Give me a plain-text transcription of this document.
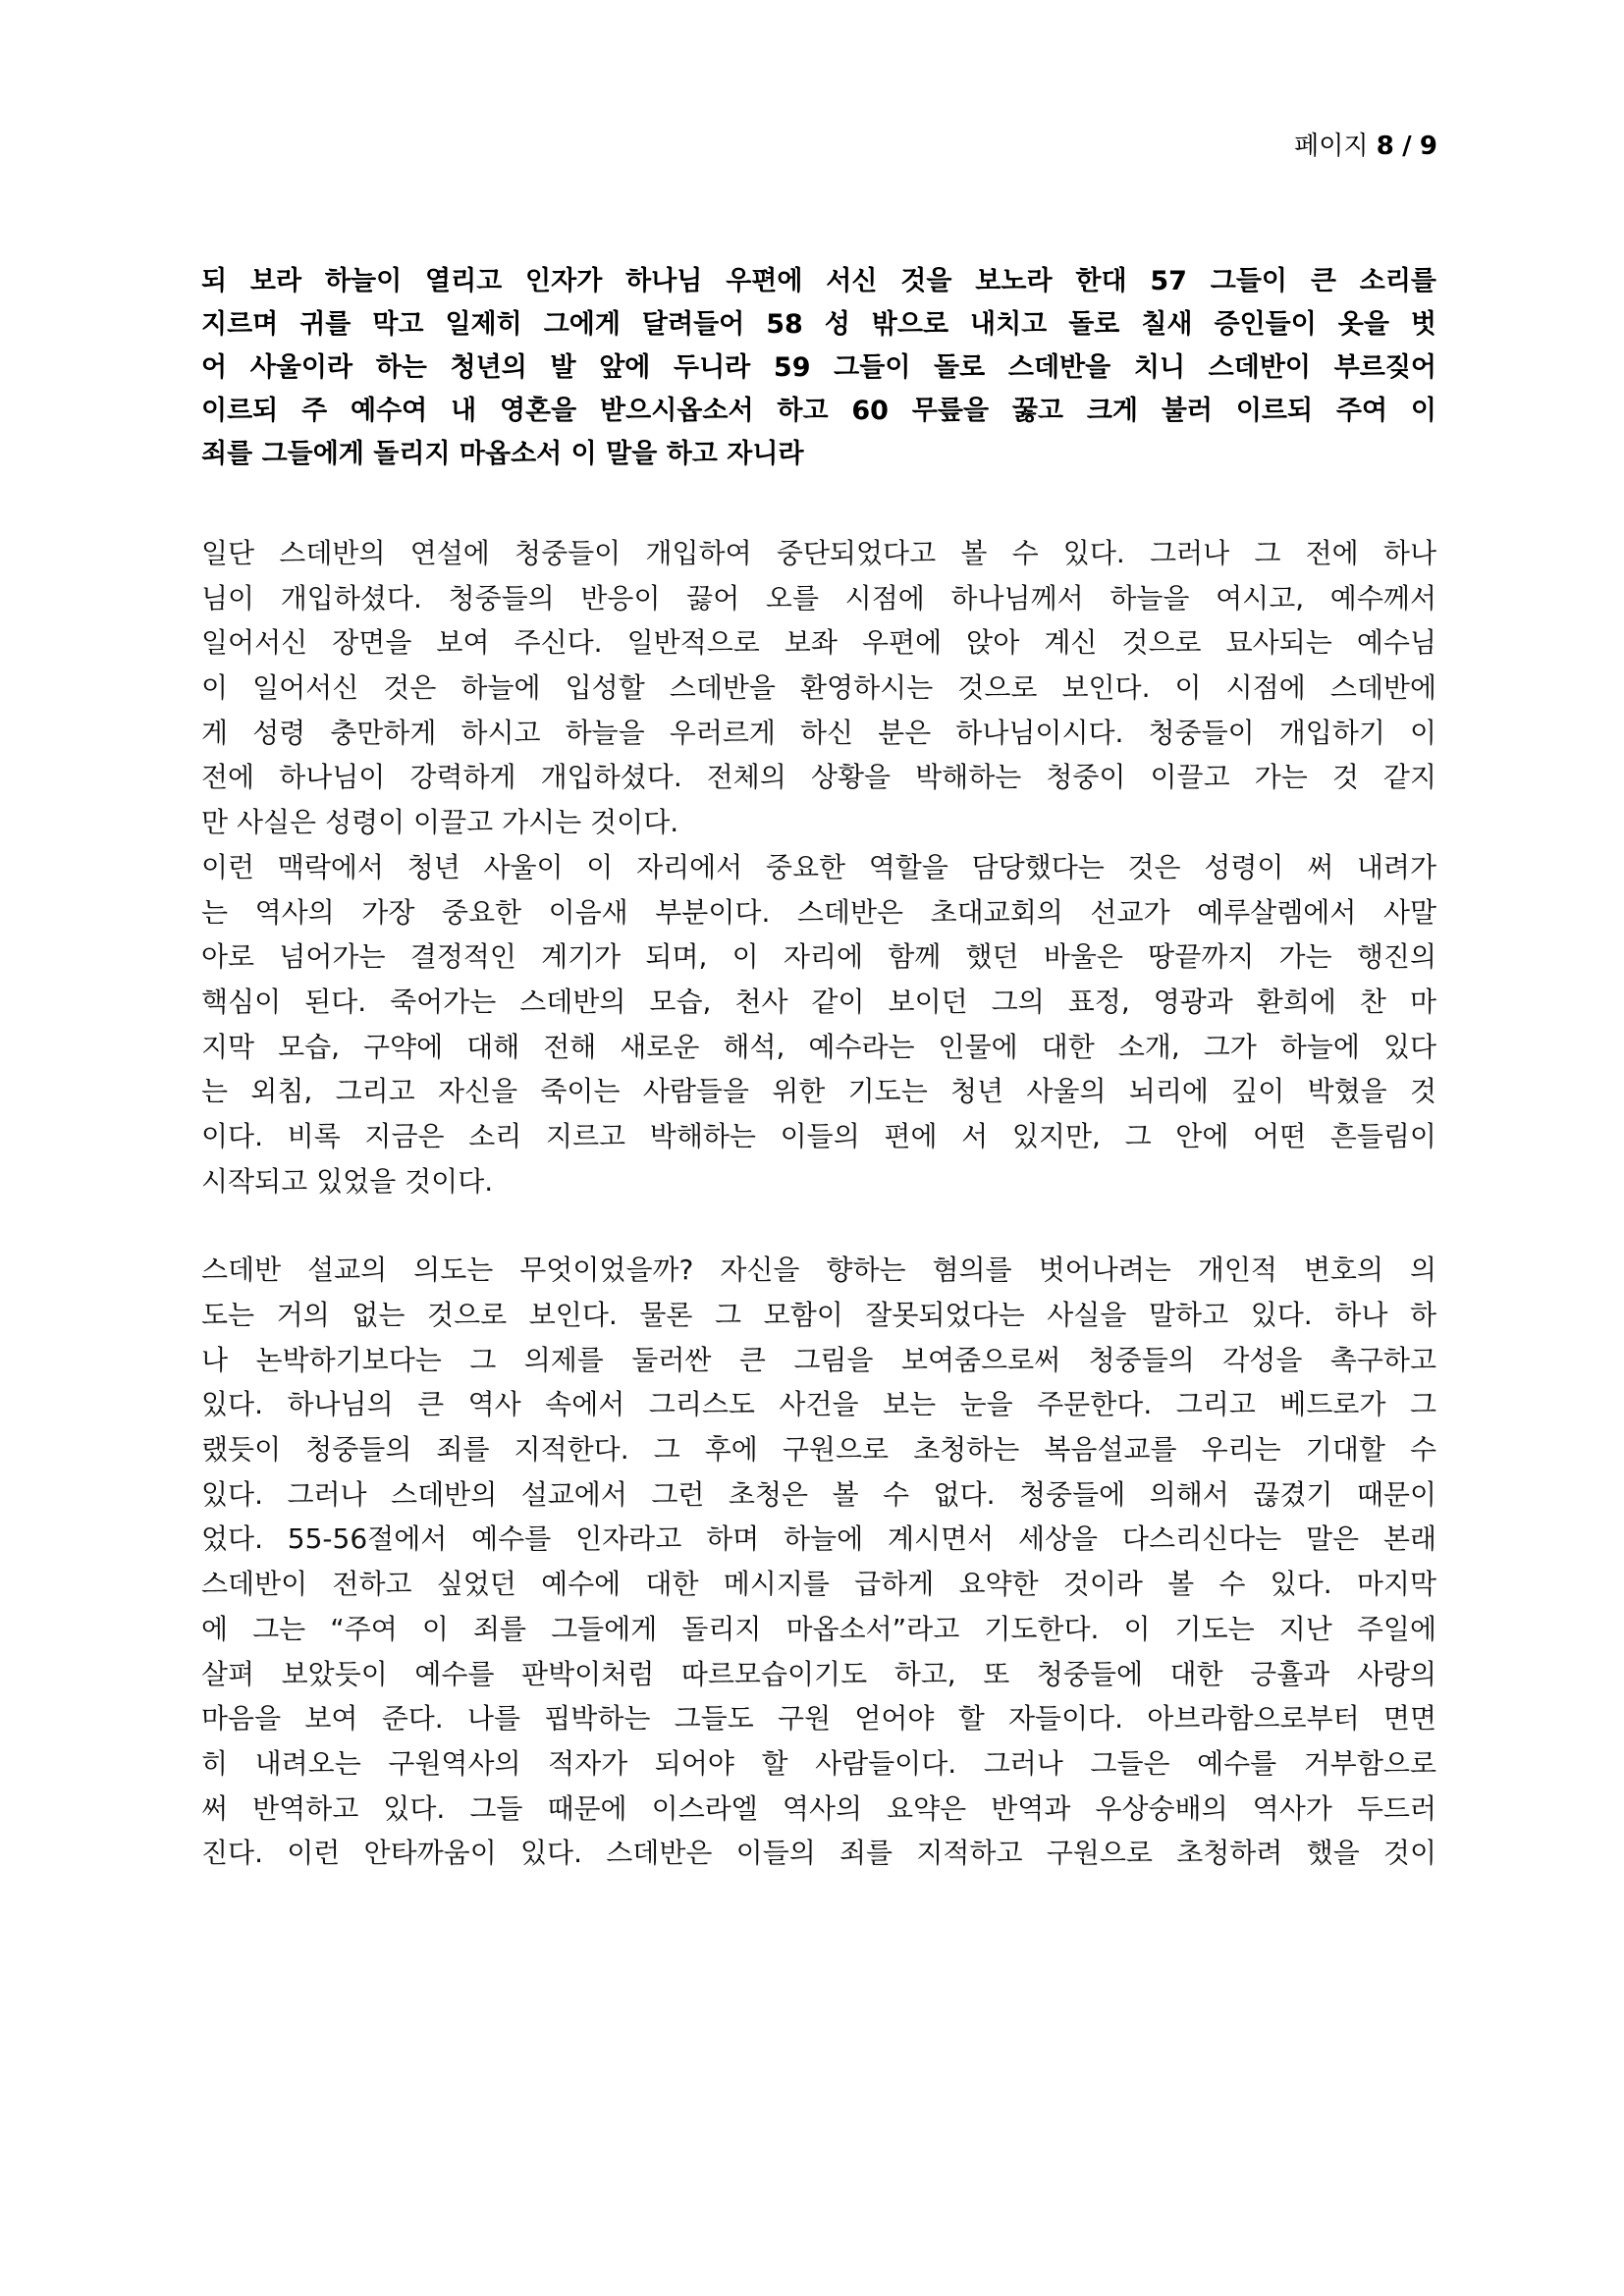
페이지 8 / 9
되 보라 하늘이 열리고 인자가 하나님 우편에 서신 것을 보노라 한대 57 그들이 큰 소리를
지르며 귀를 막고 일제히 그에게 달려들어 58 성 밖으로 내치고 돌로 칠새 증인들이 옷을 벗
어 사울이라 하는 청년의 발 앞에 두니라 59 그들이 돌로 스데반을 치니 스데반이 부르짖어
이르되 주 예수여 내 영혼을 받으시옵소서 하고 60 무릎을 꿇고 크게 불러 이르되 주여 이
죄를 그들에게 돌리지 마옵소서 이 말을 하고 자니라
일단 스데반의 연설에 청중들이 개입하여 중단되었다고 볼 수 있다. 그러나 그 전에 하나
님이 개입하셨다. 청중들의 반응이 끓어 오를 시점에 하나님께서 하늘을 여시고, 예수께서
일어서신 장면을 보여 주신다. 일반적으로 보좌 우편에 앉아 계신 것으로 묘사되는 예수님
이 일어서신 것은 하늘에 입성할 스데반을 환영하시는 것으로 보인다. 이 시점에 스데반에
게 성령 충만하게 하시고 하늘을 우러르게 하신 분은 하나님이시다. 청중들이 개입하기 이
전에 하나님이 강력하게 개입하셨다. 전체의 상황을 박해하는 청중이 이끌고 가는 것 같지
만 사실은 성령이 이끌고 가시는 것이다.
이런 맥락에서 청년 사울이 이 자리에서 중요한 역할을 담당했다는 것은 성령이 써 내려가
는 역사의 가장 중요한 이음새 부분이다. 스데반은 초대교회의 선교가 예루살렘에서 사말
아로 넘어가는 결정적인 계기가 되며, 이 자리에 함께 했던 바울은 땅끝까지 가는 행진의
핵심이 된다. 죽어가는 스데반의 모습, 천사 같이 보이던 그의 표정, 영광과 환희에 찬 마
지막 모습, 구약에 대해 전해 새로운 해석, 예수라는 인물에 대한 소개, 그가 하늘에 있다
는 외침, 그리고 자신을 죽이는 사람들을 위한 기도는 청년 사울의 뇌리에 깊이 박혔을 것
이다. 비록 지금은 소리 지르고 박해하는 이들의 편에 서 있지만, 그 안에 어떤 흔들림이
시작되고 있었을 것이다.
스데반 설교의 의도는 무엇이었을까? 자신을 향하는 혐의를 벗어나려는 개인적 변호의 의
도는 거의 없는 것으로 보인다. 물론 그 모함이 잘못되었다는 사실을 말하고 있다. 하나 하
나 논박하기보다는 그 의제를 둘러싼 큰 그림을 보여줌으로써 청중들의 각성을 촉구하고
있다. 하나님의 큰 역사 속에서 그리스도 사건을 보는 눈을 주문한다. 그리고 베드로가 그
랬듯이 청중들의 죄를 지적한다. 그 후에 구원으로 초청하는 복음설교를 우리는 기대할 수
있다. 그러나 스데반의 설교에서 그런 초청은 볼 수 없다. 청중들에 의해서 끊겼기 때문이
었다. 55-56절에서 예수를 인자라고 하며 하늘에 계시면서 세상을 다스리신다는 말은 본래
스데반이 전하고 싶었던 예수에 대한 메시지를 급하게 요약한 것이라 볼 수 있다. 마지막
에 그는 “주여 이 죄를 그들에게 돌리지 마옵소서”라고 기도한다. 이 기도는 지난 주일에
살펴 보았듯이 예수를 판박이처럼 따르모습이기도 하고, 또 청중들에 대한 긍휼과 사랑의
마음을 보여 준다. 나를 핍박하는 그들도 구원 얻어야 할 자들이다. 아브라함으로부터 면면
히 내려오는 구원역사의 적자가 되어야 할 사람들이다. 그러나 그들은 예수를 거부함으로
써 반역하고 있다. 그들 때문에 이스라엘 역사의 요약은 반역과 우상숭배의 역사가 두드러
진다. 이런 안타까움이 있다. 스데반은 이들의 죄를 지적하고 구원으로 초청하려 했을 것이
